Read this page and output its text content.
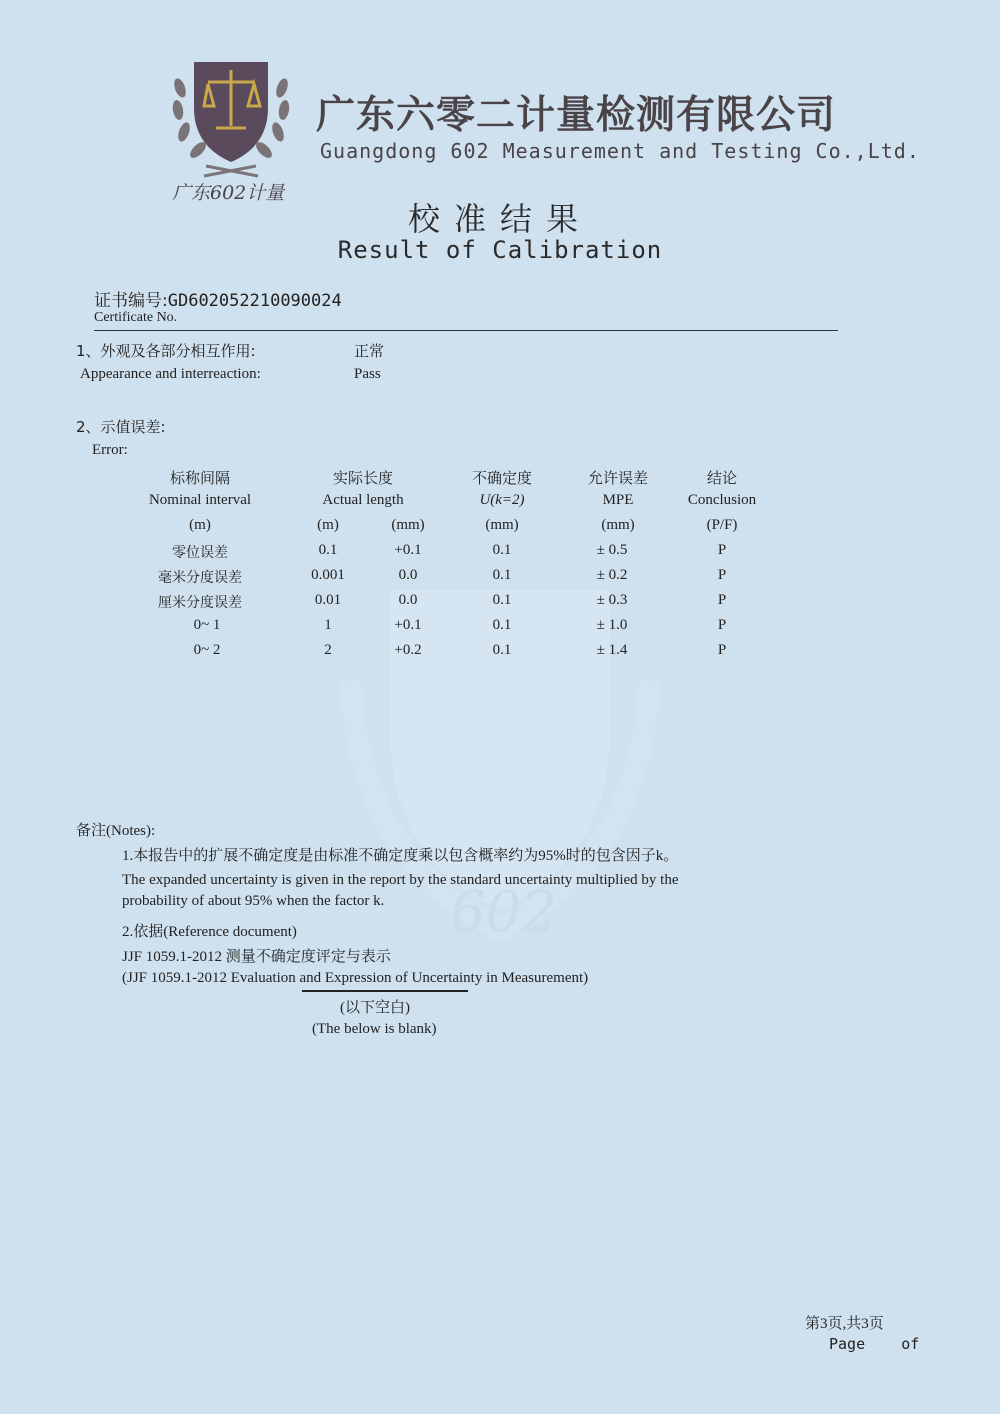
602
广东602计量
广东六零二计量检测有限公司
Guangdong 602 Measurement and Testing Co.,Ltd.
校准结果
Result of Calibration
证书编号:GD602052210090024
Certificate No.
1、外观及各部分相互作用:	正常
Appearance and interreaction:	Pass
2、示值误差:
Error:
标称间隔	实际长度	不确定度	允许误差	结论
Nominal interval	Actual length	U(k=2)	MPE	Conclusion
(m)	(m)	(mm)	(mm)	(mm)	(P/F)
零位误差	0.1	+0.1	0.1	± 0.5	P
毫米分度误差	0.001	0.0	0.1	± 0.2	P
厘米分度误差	0.01	0.0	0.1	± 0.3	P
0~ 1	1	+0.1	0.1	± 1.0	P
0~ 2	2	+0.2	0.1	± 1.4	P
备注(Notes):
1.本报告中的扩展不确定度是由标准不确定度乘以包含概率约为95%时的包含因子k。
The expanded uncertainty is given in the report by the standard uncertainty multiplied by the
probability of about 95% when the factor k.
2.依据(Reference document)
JJF 1059.1-2012 测量不确定度评定与表示
(JJF 1059.1-2012 Evaluation and Expression of Uncertainty in Measurement)
(以下空白)
(The below is blank)
第3页,共3页
Page    of
